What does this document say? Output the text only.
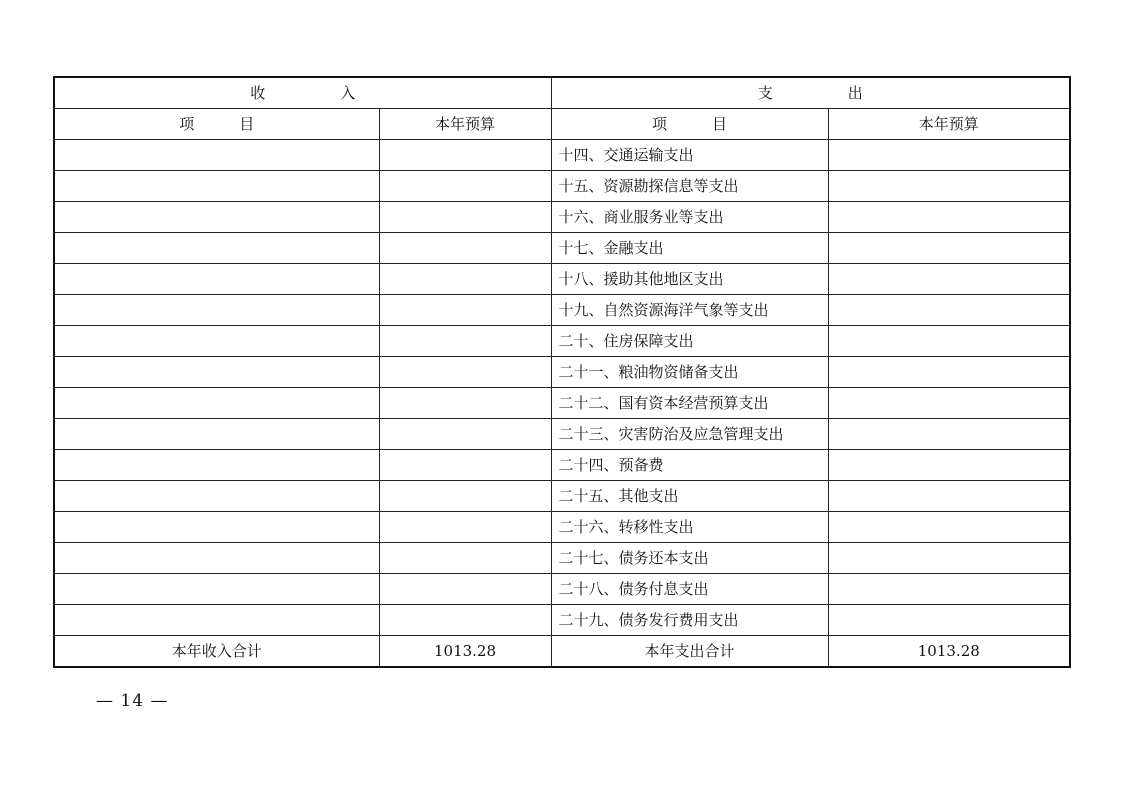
收　　　　　入		支　　　　　出	
项　　　目	本年预算	项　　　目	本年预算
		十四、交通运输支出	
		十五、资源勘探信息等支出	
		十六、商业服务业等支出	
		十七、金融支出	
		十八、援助其他地区支出	
		十九、自然资源海洋气象等支出	
		二十、住房保障支出	
		二十一、粮油物资储备支出	
		二十二、国有资本经营预算支出	
		二十三、灾害防治及应急管理支出	
		二十四、预备费	
		二十五、其他支出	
		二十六、转移性支出	
		二十七、债务还本支出	
		二十八、债务付息支出	
		二十九、债务发行费用支出	
本年收入合计	1013.28	本年支出合计	1013.28
— 14 —
